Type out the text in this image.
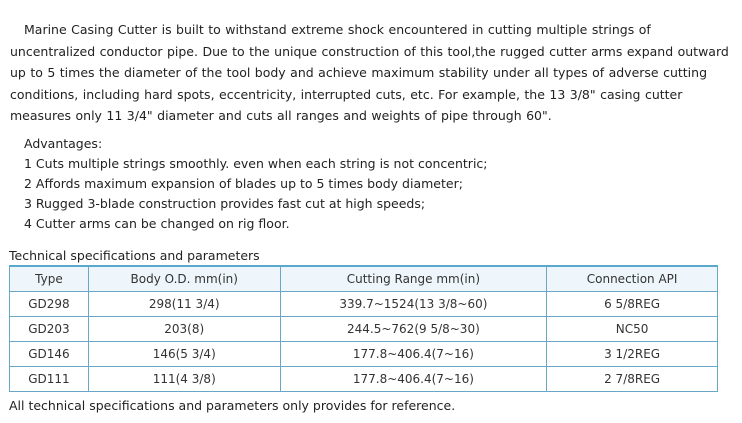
Marine Casing Cutter is built to withstand extreme shock encountered in cutting multiple strings of uncentralized conductor pipe. Due to the unique construction of this tool,the rugged cutter arms expand outward up to 5 times the diameter of the tool body and achieve maximum stability under all types of adverse cutting conditions, including hard spots, eccentricity, interrupted cuts, etc. For example, the 13 3/8" casing cutter measures only 11 3/4" diameter and cuts all ranges and weights of pipe through 60".

Advantages:
1 Cuts multiple strings smoothly. even when each string is not concentric;
2 Affords maximum expansion of blades up to 5 times body diameter;
3 Rugged 3-blade construction provides fast cut at high speeds;
4 Cutter arms can be changed on rig floor.
Technical specifications and parameters
Type	Body O.D. mm(in)	Cutting Range mm(in)	Connection API
GD298	298(11 3/4)	339.7~1524(13 3/8~60)	6 5/8REG
GD203	203(8)	244.5~762(9 5/8~30)	NC50
GD146	146(5 3/4)	177.8~406.4(7~16)	3 1/2REG
GD111	111(4 3/8)	177.8~406.4(7~16)	2 7/8REG
All technical specifications and parameters only provides for reference.
